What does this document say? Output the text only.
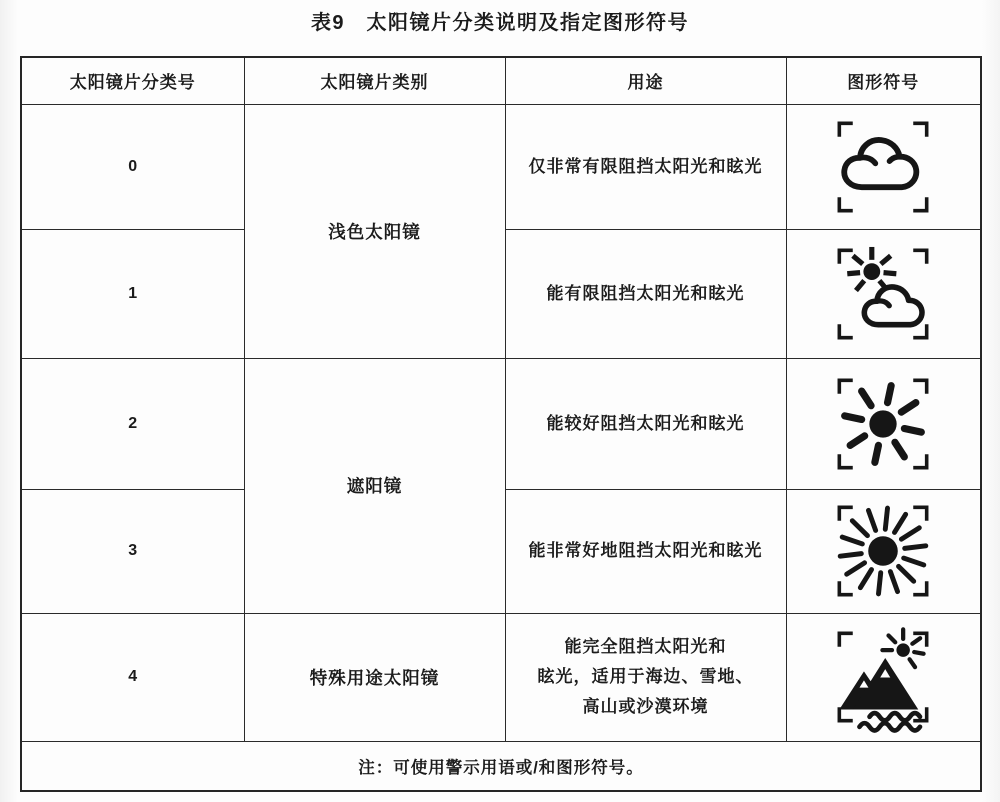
表9　太阳镜片分类说明及指定图形符号
太阳镜片分类号	太阳镜片类别	用途	图形符号
0	浅色太阳镜	仅非常有限阻挡太阳光和眩光	

1		能有限阻挡太阳光和眩光	

2	遮阳镜	能较好阻挡太阳光和眩光	

3		能非常好地阻挡太阳光和眩光	

4	特殊用途太阳镜	能完全阻挡太阳光和
眩光，适用于海边、雪地、
高山或沙漠环境

注：可使用警示用语或/和图形符号。			
